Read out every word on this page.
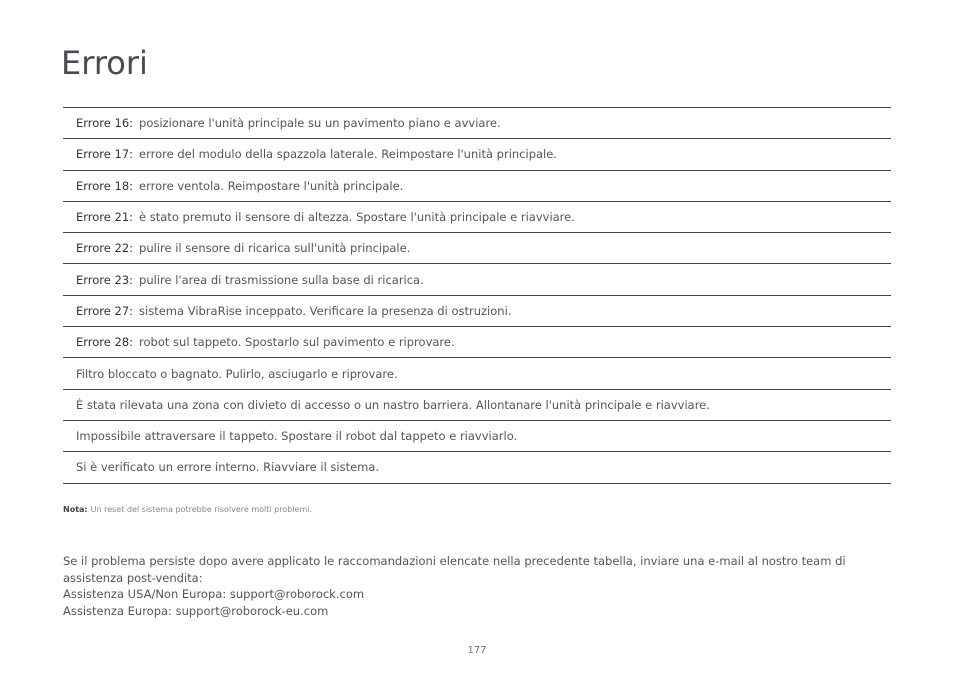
Errori
Errore 16: posizionare l'unità principale su un pavimento piano e avviare.
Errore 17: errore del modulo della spazzola laterale. Reimpostare l'unità principale.
Errore 18: errore ventola. Reimpostare l'unità principale.
Errore 21: è stato premuto il sensore di altezza. Spostare l'unità principale e riavviare.
Errore 22: pulire il sensore di ricarica sull'unità principale.
Errore 23: pulire l'area di trasmissione sulla base di ricarica.
Errore 27: sistema VibraRise inceppato. Verificare la presenza di ostruzioni.
Errore 28: robot sul tappeto. Spostarlo sul pavimento e riprovare.
Filtro bloccato o bagnato. Pulirlo, asciugarlo e riprovare.
È stata rilevata una zona con divieto di accesso o un nastro barriera. Allontanare l'unità principale e riavviare.
Impossibile attraversare il tappeto. Spostare il robot dal tappeto e riavviarlo.
Si è verificato un errore interno. Riavviare il sistema.
Nota: Un reset del sistema potrebbe risolvere molti problemi.
Se il problema persiste dopo avere applicato le raccomandazioni elencate nella precedente tabella, inviare una e-mail al nostro team di
assistenza post-vendita:
Assistenza USA/Non Europa: support@roborock.com
Assistenza Europa: support@roborock-eu.com
177
